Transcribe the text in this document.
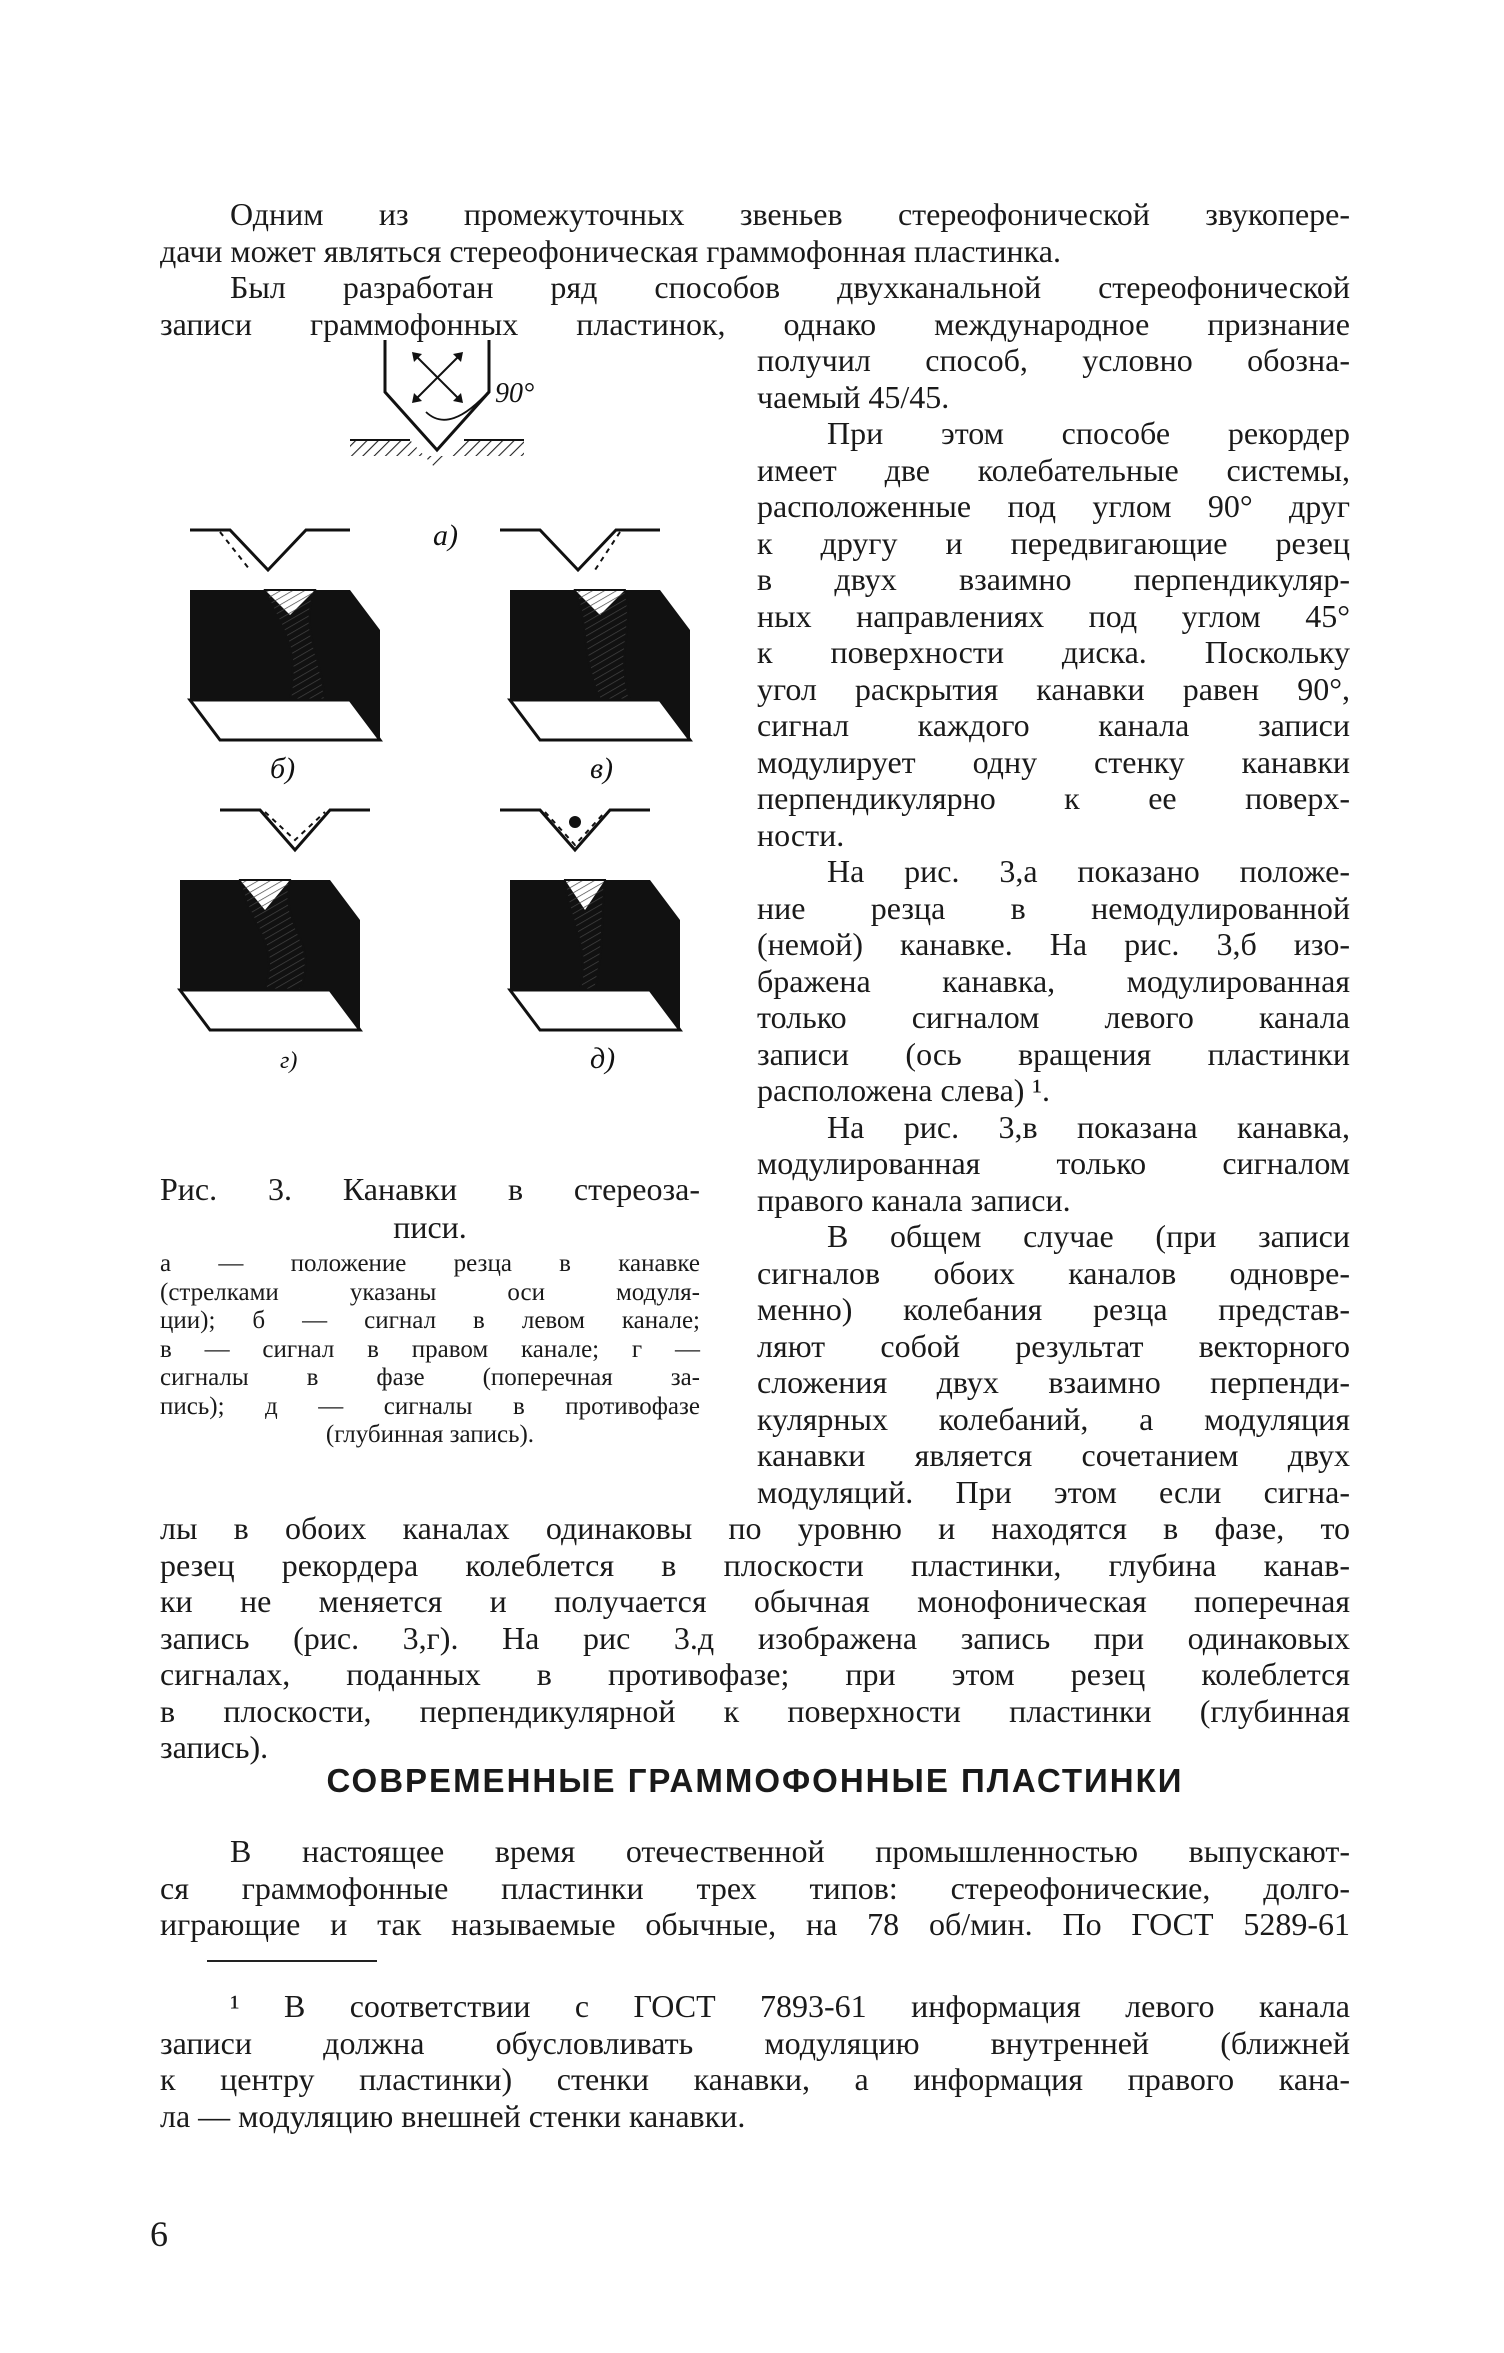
Одним из промежуточных звеньев стереофонической звукопере-
дачи может являться стереофоническая граммофонная пластинка.
Был разработан ряд способов двухканальной стереофонической
записи граммофонных пластинок, однако международное признание
90°
а)
б)	в)
г)	д)
Рис. 3. Канавки в стереоза-
писи.
а — положение резца в канавке
(стрелками указаны оси модуля-
ции); б — сигнал в левом канале;
в — сигнал в правом канале; г —
сигналы в фазе (поперечная за-
пись); д — сигналы в противофазе
(глубинная запись).
получил способ, условно обозна-
чаемый 45/45.
При этом способе рекордер
имеет две колебательные системы,
расположенные под углом 90° друг
к другу и передвигающие резец
в двух взаимно перпендикуляр-
ных направлениях под углом 45°
к поверхности диска. Поскольку
угол раскрытия канавки равен 90°,
сигнал каждого канала записи
модулирует одну стенку канавки
перпендикулярно к ее поверх-
ности.
На рис. 3,а показано положе-
ние резца в немодулированной
(немой) канавке. На рис. 3,б изо-
бражена канавка, модулированная
только сигналом левого канала
записи (ось вращения пластинки
расположена слева) ¹.
На рис. 3,в показана канавка,
модулированная только сигналом
правого канала записи.
В общем случае (при записи
сигналов обоих каналов одновре-
менно) колебания резца представ-
ляют собой результат векторного
сложения двух взаимно перпенди-
кулярных колебаний, а модуляция
канавки является сочетанием двух
модуляций. При этом если сигна-
лы в обоих каналах одинаковы по уровню и находятся в фазе, то
резец рекордера колеблется в плоскости пластинки, глубина канав-
ки не меняется и получается обычная монофоническая поперечная
запись (рис. 3,г). На рис 3.д изображена запись при одинаковых
сигналах, поданных в противофазе; при этом резец колеблется
в плоскости, перпендикулярной к поверхности пластинки (глубинная
запись).
СОВРЕМЕННЫЕ ГРАММОФОННЫЕ ПЛАСТИНКИ
В настоящее время отечественной промышленностью выпускают-
ся граммофонные пластинки трех типов: стереофонические, долго-
играющие и так называемые обычные, на 78 об/мин. По ГОСТ 5289-61
¹ В соответствии с ГОСТ 7893-61 информация левого канала
записи должна обусловливать модуляцию внутренней (ближней
к центру пластинки) стенки канавки, а информация правого кана-
ла — модуляцию внешней стенки канавки.
6
